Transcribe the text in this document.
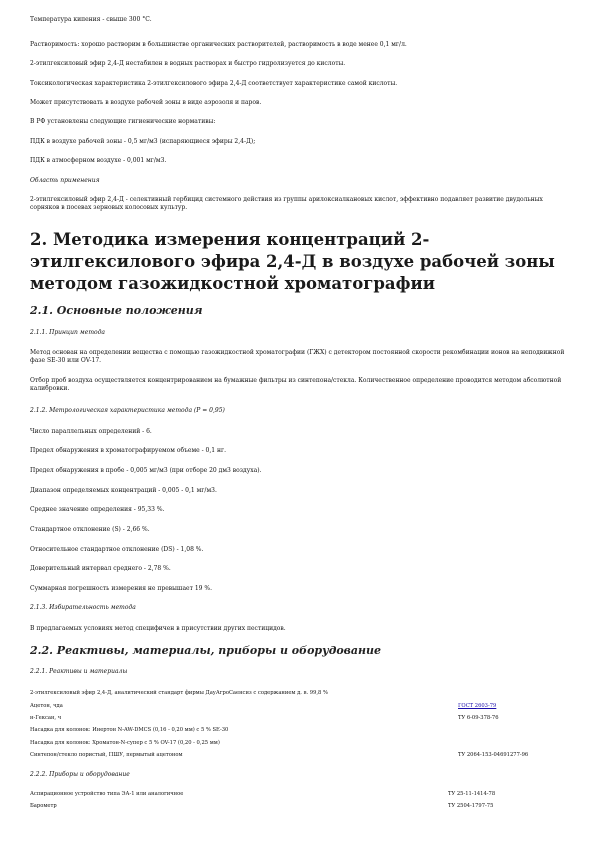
Температура кипения - свыше 300 °С.
Растворимость: хорошо растворим в большинстве органических растворителей, растворимость в воде менее 0,1 мг/л.
2-этилгексиловый эфир 2,4-Д нестабилен в водных растворах и быстро гидролизуется до кислоты.
Токсикологическая характеристика 2-этилгексилового эфира 2,4-Д соответствует характеристике самой кислоты.
Может присутствовать в воздухе рабочей зоны в виде аэрозоля и паров.
В РФ установлены следующие гигиенические нормативы:
ПДК в воздухе рабочей зоны - 0,5 мг/м3 (испаряющиеся эфиры 2,4-Д);
ПДК в атмосферном воздухе - 0,001 мг/м3.
Область применения
2-этилгексиловый эфир 2,4-Д - селективный гербицид системного действия из группы арилоксиалкановых кислот, эффективно подавляет развитие двудольных сорняков в посевах зерновых колосовых культур.
2. Методика измерения концентраций 2-этилгексилового эфира 2,4-Д в воздухе рабочей зоны методом газожидкостной хроматографии
2.1. Основные положения
2.1.1. Принцип метода
Метод основан на определении вещества с помощью газожидкостной хроматографии (ГЖХ) с детектором постоянной скорости рекомбинации ионов на неподвижной фазе SE-30 или OV-17.
Отбор проб воздуха осуществляется концентрированием на бумажные фильтры из синтепона/стекла. Количественное определение проводится методом абсолютной калибровки.
2.1.2. Метрологическая характеристика метода (Р = 0,95)
Число параллельных определений - 6.
Предел обнаружения в хроматографируемом объеме - 0,1 нг.
Предел обнаружения в пробе - 0,005 мг/м3 (при отборе 20 дм3 воздуха).
Диапазон определяемых концентраций - 0,005 - 0,1 мг/м3.
Среднее значение определения - 95,33 %.
Стандартное отклонение (S) - 2,66 %.
Относительное стандартное отклонение (DS) - 1,08 %.
Доверительный интервал среднего - 2,78 %.
Суммарная погрешность измерения не превышает 19 %.
2.1.3. Избирательность метода
В предлагаемых условиях метод специфичен в присутствии других пестицидов.
2.2. Реактивы, материалы, приборы и оборудование
2.2.1. Реактивы и материалы
2-этилгексиловый эфир 2,4-Д, аналитический стандарт фирмы ДауАгроСаенсиз с содержанием д. в. 99,8 %
Ацетон, чда	ГОСТ 2603-79
н-Гексан, ч	ТУ 6-09-378-76
Насадка для колонок: Инертон N-AW-DMCS (0,16 - 0,20 мм) с 5 % SE-30
Насадка для колонок: Хроматон-N-супер с 5 % OV-17 (0,20 - 0,25 мм)
Синтепон/стекло пористый, ПШУ, пермытый ацетоном	ТУ 2064-153-04691277-96
2.2.2. Приборы и оборудование
Аспирационное устройство типа ЭА-1 или аналогичное	ТУ 25-11-1414-78
Барометр	ТУ 2504-1797-75
